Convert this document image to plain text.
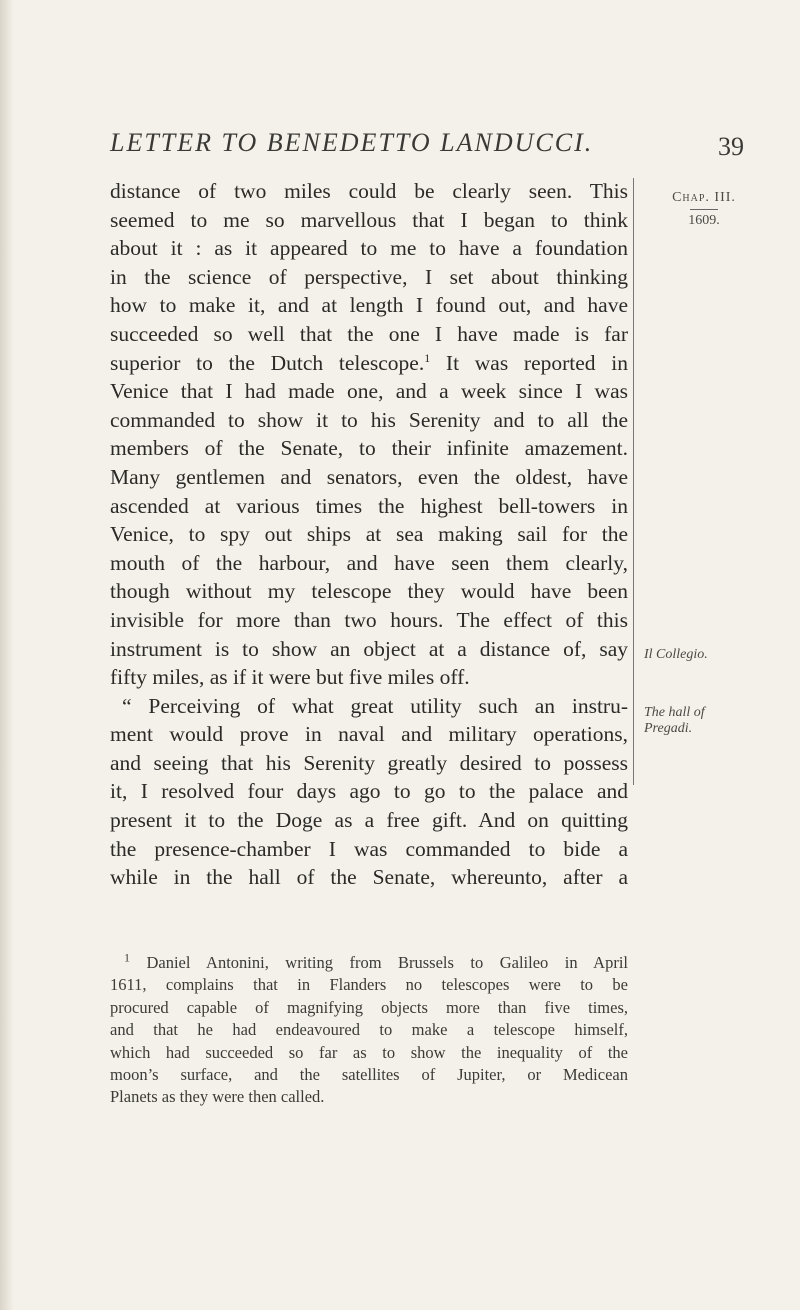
LETTER TO BENEDETTO LANDUCCI.	39
distance of two miles could be clearly seen. This
seemed to me so marvellous that I began to think
about it : as it appeared to me to have a foundation
in the science of perspective, I set about thinking
how to make it, and at length I found out, and have
succeeded so well that the one I have made is far
superior to the Dutch telescope.$^1$ It was reported in
Venice that I had made one, and a week since I was
commanded to show it to his Serenity and to all the
members of the Senate, to their infinite amazement.
Many gentlemen and senators, even the oldest, have
ascended at various times the highest bell-towers in
Venice, to spy out ships at sea making sail for the
mouth of the harbour, and have seen them clearly,
though without my telescope they would have been
invisible for more than two hours. The effect of this
instrument is to show an object at a distance of, say
fifty miles, as if it were but five miles off.
“ Perceiving of what great utility such an instru-
ment would prove in naval and military operations,
and seeing that his Serenity greatly desired to possess
it, I resolved four days ago to go to the palace and
present it to the Doge as a free gift. And on quitting
the presence-chamber I was commanded to bide a
while in the hall of the Senate, whereunto, after a
Chap. III.
1609.
Il Collegio.
The hall of
Pregadi.
$^1$ Daniel Antonini, writing from Brussels to Galileo in April
1611, complains that in Flanders no telescopes were to be
procured capable of magnifying objects more than five times,
and that he had endeavoured to make a telescope himself,
which had succeeded so far as to show the inequality of the
moon’s surface, and the satellites of Jupiter, or Medicean
Planets as they were then called.
